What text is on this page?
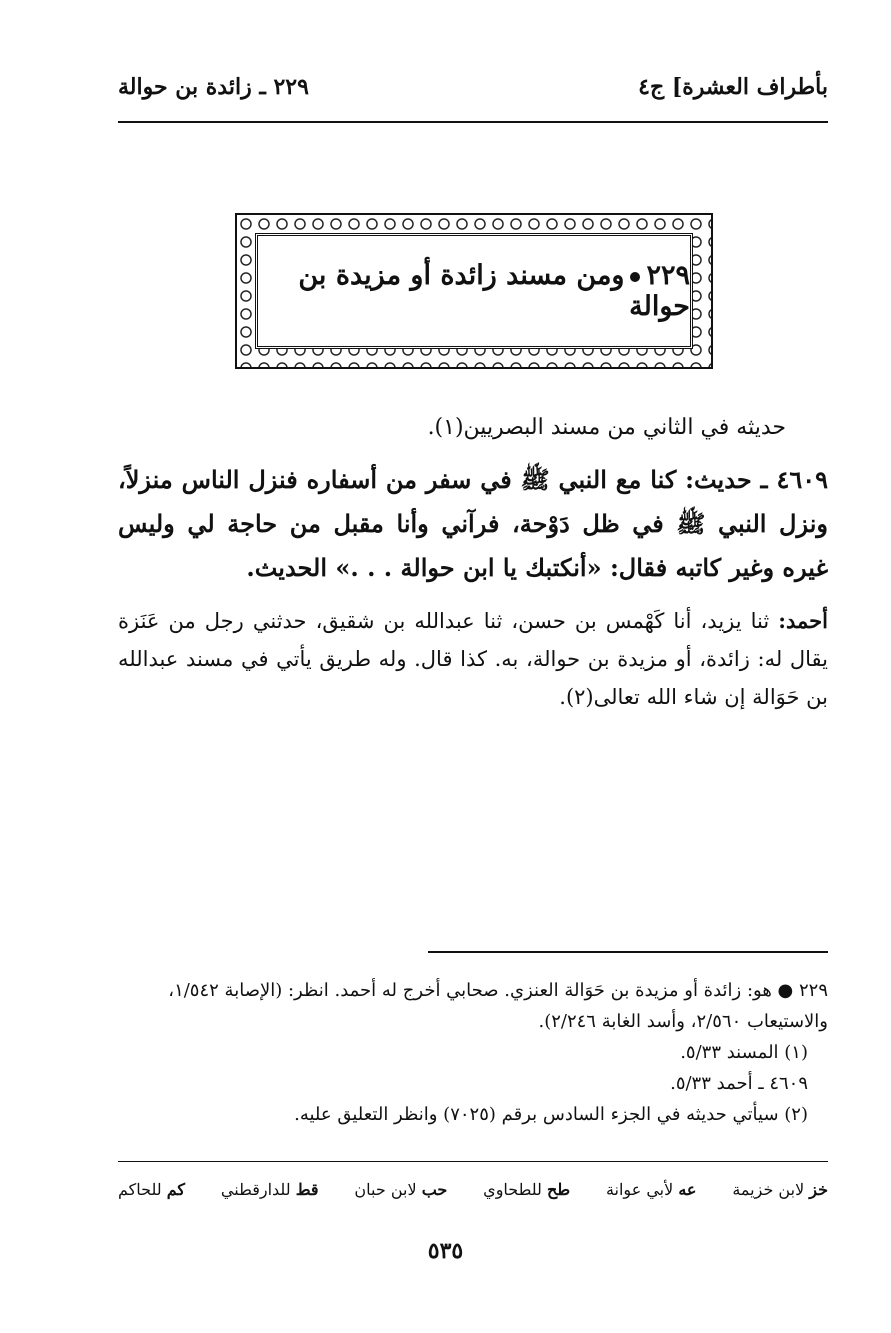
بأطراف العشرة] ج٤
٢٢٩ ـ زائدة بن حوالة
٢٢٩ومن مسند زائدة أو مزيدة بن حوالة
حديثه في الثاني من مسند البصريين(١).
٤٦٠٩ ـ حديث: كنا مع النبي ﷺ في سفر من أسفاره فنزل الناس منزلاً، ونزل النبي ﷺ في ظل دَوْحة، فرآني وأنا مقبل من حاجة لي وليس غيره وغير كاتبه فقال: «أنكتبك يا ابن حوالة . . .» الحديث.
أحمد: ثنا يزيد، أنا كَهْمس بن حسن، ثنا عبدالله بن شقيق، حدثني رجل من عَنَزة يقال له: زائدة، أو مزيدة بن حوالة، به. كذا قال. وله طريق يأتي في مسند عبدالله بن حَوَالة إن شاء الله تعالى(٢).
٢٢٩ ● هو: زائدة أو مزيدة بن حَوَالة العنزي. صحابي أخرج له أحمد. انظر: (الإصابة ١/٥٤٢، والاستيعاب ٢/٥٦٠، وأسد الغابة ٢/٢٤٦).
(١) المسند ٥/٣٣.
٤٦٠٩ ـ أحمد ٥/٣٣.
(٢) سيأتي حديثه في الجزء السادس برقم (٧٠٢٥) وانظر التعليق عليه.
خز لابن خزيمة
عه لأبي عوانة
طح للطحاوي
حب لابن حبان
قط للدارقطني
كم للحاكم
٥٣٥
